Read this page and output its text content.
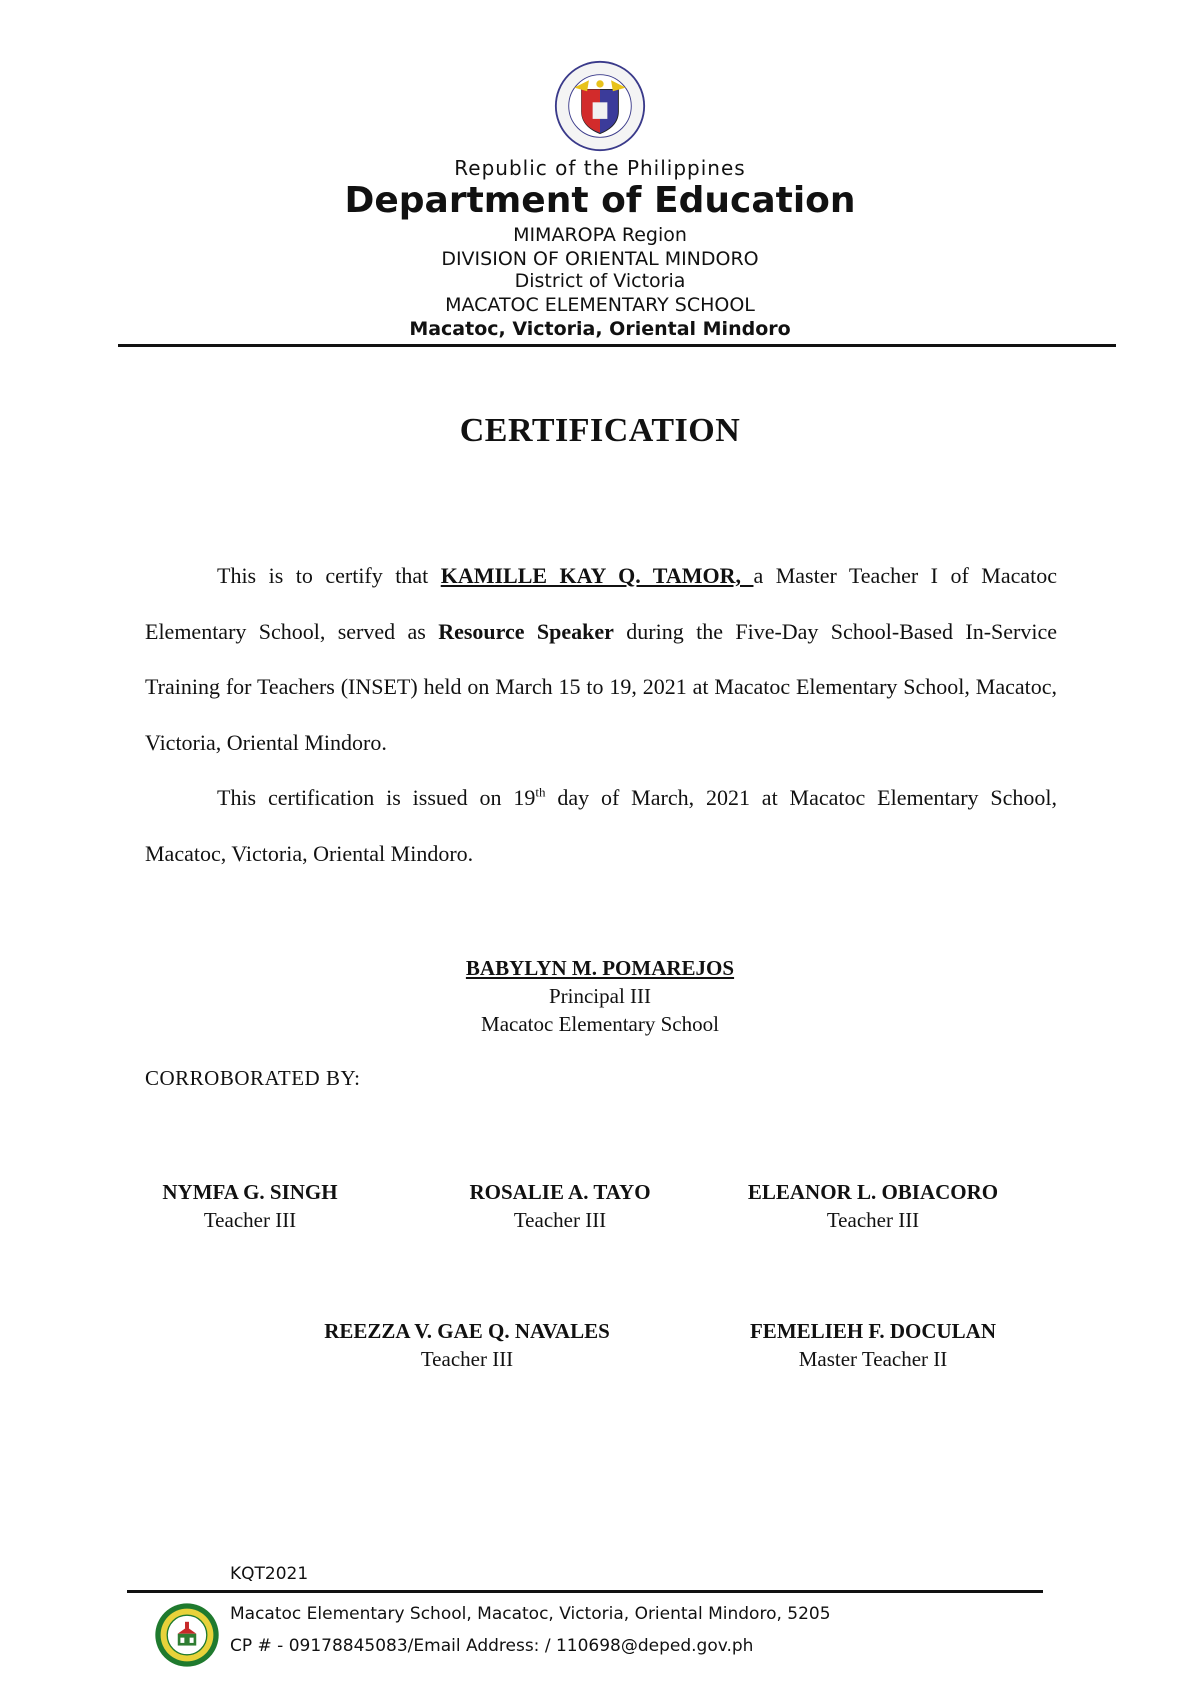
Republic of the Philippines
Department of Education
MIMAROPA Region
DIVISION OF ORIENTAL MINDORO
District of Victoria
MACATOC ELEMENTARY SCHOOL
Macatoc, Victoria, Oriental Mindoro
CERTIFICATION

This is to certify that KAMILLE KAY Q. TAMOR, a Master Teacher I of Macatoc Elementary School, served as Resource Speaker during the Five-Day School-Based In-Service Training for Teachers (INSET) held on March 15 to 19, 2021 at Macatoc Elementary School, Macatoc, Victoria, Oriental Mindoro.

This certification is issued on 19th day of March, 2021 at Macatoc Elementary School, Macatoc, Victoria, Oriental Mindoro.

BABYLYN M. POMAREJOS
Principal III
Macatoc Elementary School
CORROBORATED BY:
NYMFA G. SINGH
Teacher III
ROSALIE A. TAYO
Teacher III
ELEANOR L. OBIACORO
Teacher III
REEZZA V. GAE Q. NAVALES
Teacher III
FEMELIEH F. DOCULAN
Master Teacher II
KQT2021
Macatoc Elementary School, Macatoc, Victoria, Oriental Mindoro, 5205
CP # - 09178845083/Email Address: / 110698@deped.gov.ph
